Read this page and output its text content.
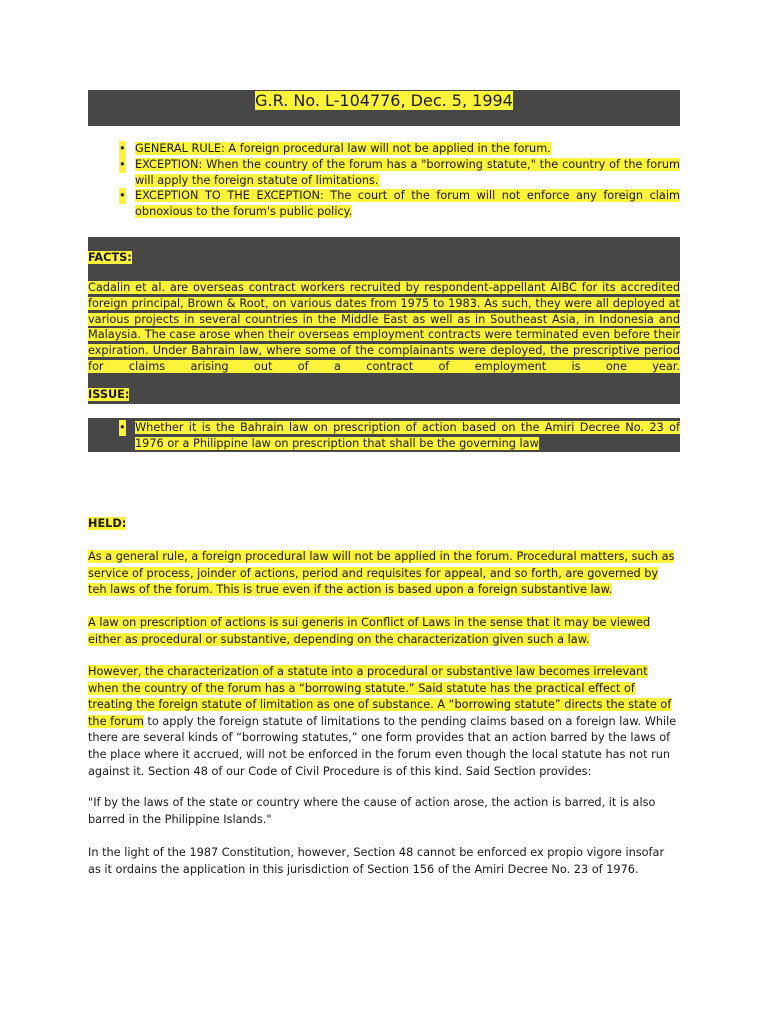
G.R. No. L-104776, Dec. 5, 1994
• GENERAL RULE: A foreign procedural law will not be applied in the forum.
• EXCEPTION: When the country of the forum has a "borrowing statute," the country of the forum will apply the foreign statute of limitations.
• EXCEPTION TO THE EXCEPTION: The court of the forum will not enforce any foreign claim obnoxious to the forum's public policy.
FACTS:
Cadalin et al. are overseas contract workers recruited by respondent-appellant AIBC for its accredited foreign principal, Brown & Root, on various dates from 1975 to 1983. As such, they were all deployed at various projects in several countries in the Middle East as well as in Southeast Asia, in Indonesia and Malaysia. The case arose when their overseas employment contracts were terminated even before their expiration. Under Bahrain law, where some of the complainants were deployed, the prescriptive period for claims arising out of a contract of employment is one year.
ISSUE:
• Whether it is the Bahrain law on prescription of action based on the Amiri Decree No. 23 of 1976 or a Philippine law on prescription that shall be the governing law
HELD:
As a general rule, a foreign procedural law will not be applied in the forum. Procedural matters, such as service of process, joinder of actions, period and requisites for appeal, and so forth, are governed by teh laws of the forum. This is true even if the action is based upon a foreign substantive law.
A law on prescription of actions is sui generis in Conflict of Laws in the sense that it may be viewed either as procedural or substantive, depending on the characterization given such a law.
However, the characterization of a statute into a procedural or substantive law becomes irrelevant when the country of the forum has a “borrowing statute.” Said statute has the practical effect of treating the foreign statute of limitation as one of substance. A “borrowing statute” directs the state of the forum to apply the foreign statute of limitations to the pending claims based on a foreign law. While there are several kinds of “borrowing statutes,” one form provides that an action barred by the laws of the place where it accrued, will not be enforced in the forum even though the local statute has not run against it. Section 48 of our Code of Civil Procedure is of this kind. Said Section provides:
"If by the laws of the state or country where the cause of action arose, the action is barred, it is also barred in the Philippine Islands."
In the light of the 1987 Constitution, however, Section 48 cannot be enforced ex propio vigore insofar as it ordains the application in this jurisdiction of Section 156 of the Amiri Decree No. 23 of 1976.
